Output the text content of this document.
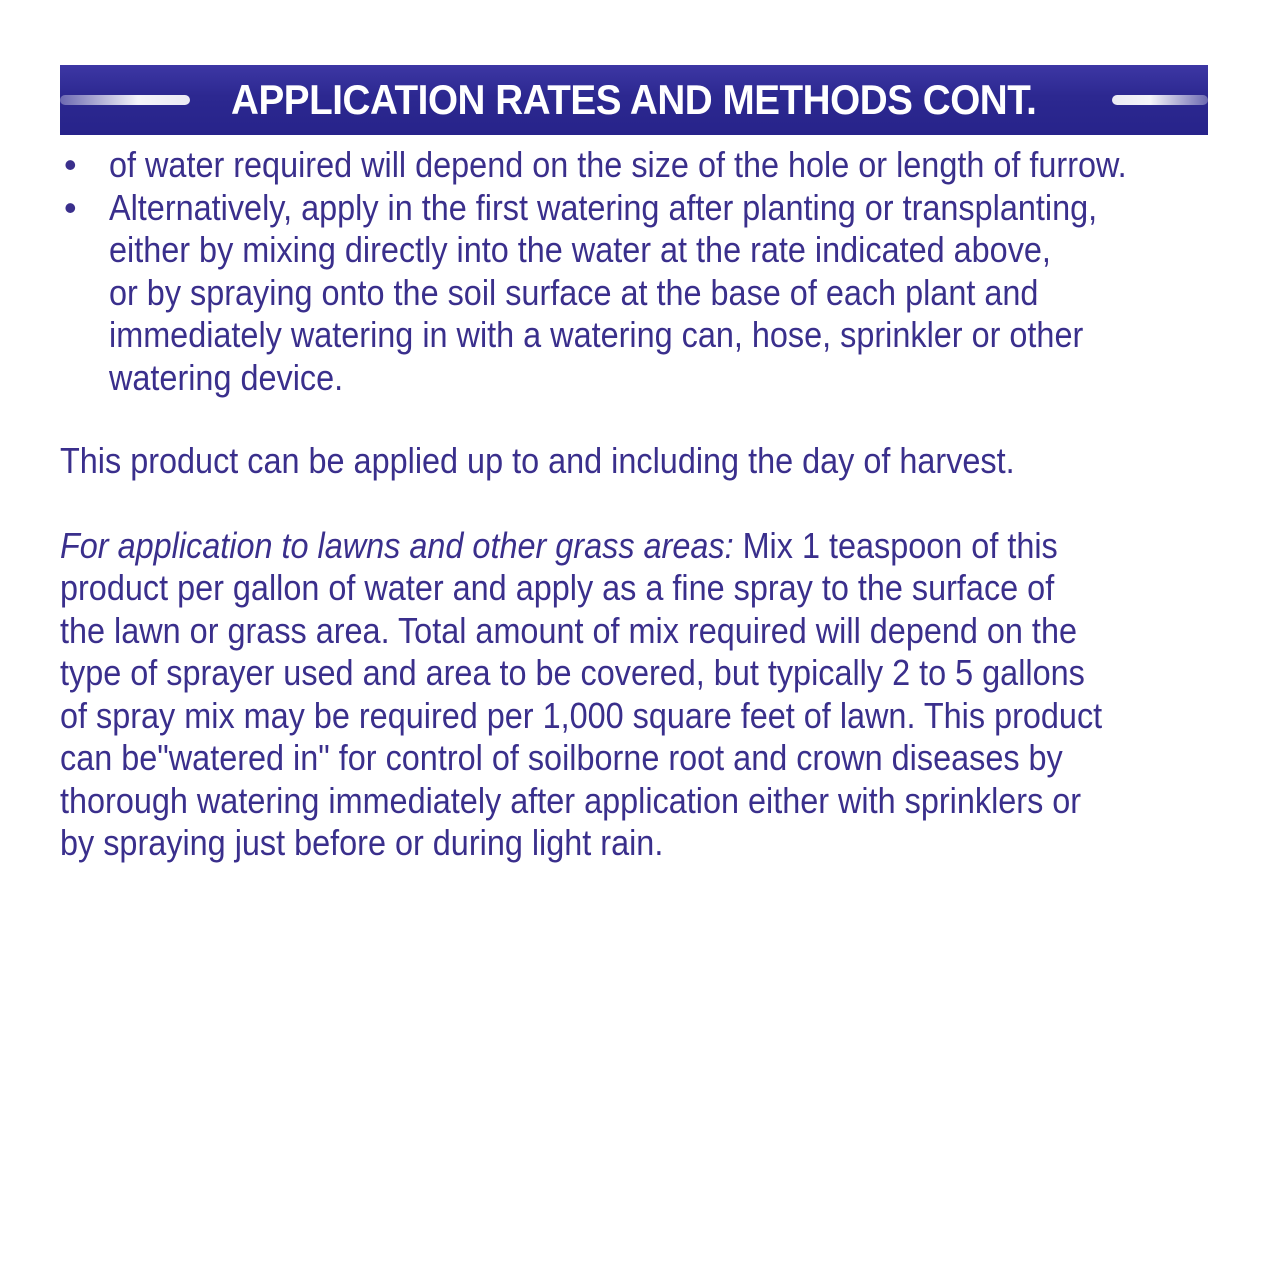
APPLICATION RATES AND METHODS CONT.
• of water required will depend on the size of the hole or length of furrow.
• Alternatively, apply in the first watering after planting or transplanting,
either by mixing directly into the water at the rate indicated above,
or by spraying onto the soil surface at the base of each plant and
immediately watering in with a watering can, hose, sprinkler or other
watering device.

This product can be applied up to and including the day of harvest.

For application to lawns and other grass areas: Mix 1 teaspoon of this
product per gallon of water and apply as a fine spray to the surface of
the lawn or grass area. Total amount of mix required will depend on the
type of sprayer used and area to be covered, but typically 2 to 5 gallons
of spray mix may be required per 1,000 square feet of lawn. This product
can be"watered in" for control of soilborne root and crown diseases by
thorough watering immediately after application either with sprinklers or
by spraying just before or during light rain.
